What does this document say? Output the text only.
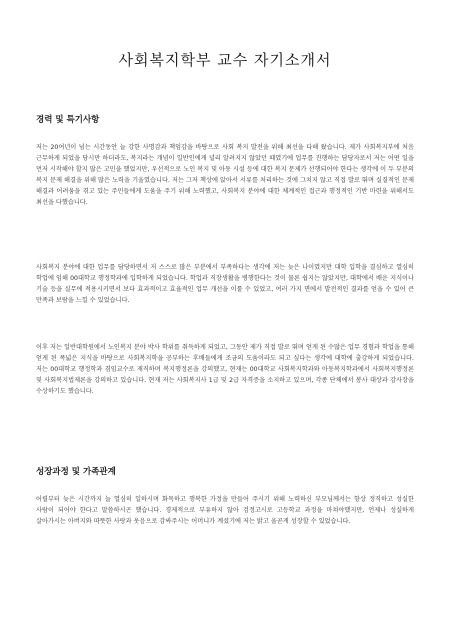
사회복지학부 교수 자기소개서
경력 및 특기사항

저는 20여년이 넘는 시간동안 늘 강한 사명감과 책임감을 바탕으로 사회 복지 발전을 위해 최선을 다해 왔습니다. 제가 사회복지부에 처음 근무하게 되었을 당시만 하더라도, 복지라는 개념이 일반인에게 널리 알려지지 않았던 때였기에 업무를 진행하는 담당자로서 저는 어떤 일을 먼저 시작해야 할지 많은 고민을 했었지만, 우선적으로 노인 복지 및 아동 시설 등에 대한 복지 문제가 선행되어야 한다는 생각에 이 두 부분의 복지 문제 해결을 위해 많은 노력을 기울였습니다. 저는 그저 책상에 앉아서 서류를 처리하는 것에 그치지 않고 직접 발로 뛰며 실질적인 문제 해결과 어려움을 겪고 있는 주민들에게 도움을 주기 위해 노력했고, 사회복지 분야에 대한 체계적인 접근과 행정적인 기반 마련을 위해서도 최선을 다했습니다.

사회복지 분야에 대한 업무를 담당하면서 저 스스로 많은 부분에서 부족하다는 생각에 저는 늦은 나이였지만 대학 입학을 결심하고 열심히 학업에 임해 00대학교 행정학과에 입학하게 되었습니다. 학업과 직장생활을 병행한다는 것이 물론 쉽지는 않았지만, 대학에서 배운 지식이나 기술 등을 실무에 적용시키면서 보다 효과적이고 효율적인 업무 개선을 이룰 수 있었고, 여러 가지 면에서 발전적인 결과를 얻을 수 있어 큰 만족과 보람을 느낄 수 있었습니다.

이후 저는 일반대학원에서 노인복지 분야 박사 학위를 취득하게 되었고, 그동안 제가 직접 발로 뛰며 얻게 된 수많은 업무 경험과 학업을 통해 얻게 된 폭넓은 지식을 바탕으로 사회복지학을 공부하는 후배들에게 조금의 도움이라도 되고 싶다는 생각에 대학에 출강하게 되었습니다. 저는 00대학교 행정학과 겸임교수로 재직하며 복지행정론을 강의했고, 현재는 00대학교 사회복지학과와 아동복지학과에서 사회복지행정론 및 사회복지법제론을 강의하고 있습니다. 현재 저는 사회복지사 1급 및 2급 자격증을 소지하고 있으며, 각종 단체에서 봉사 대상과 감사장을 수상하기도 했습니다.

성장과정 및 가족관계

어릴부터 늦은 시간까지 늘 열심히 일하시며 화목하고 행복한 가정을 만들어 주시기 위해 노력하신 부모님께서는 항상 정직하고 성실한 사람이 되어야 한다고 말씀하시곤 했습니다. 경제적으로 부유하지 않아 검정고시로 고등학교 과정을 마쳐야했지만, 언제나 성실하게 살아가시는 아버지와 따뜻한 사랑과 웃음으로 감싸주시는 어머니가 계셨기에 저는 밝고 올곧게 성장할 수 있었습니다.
